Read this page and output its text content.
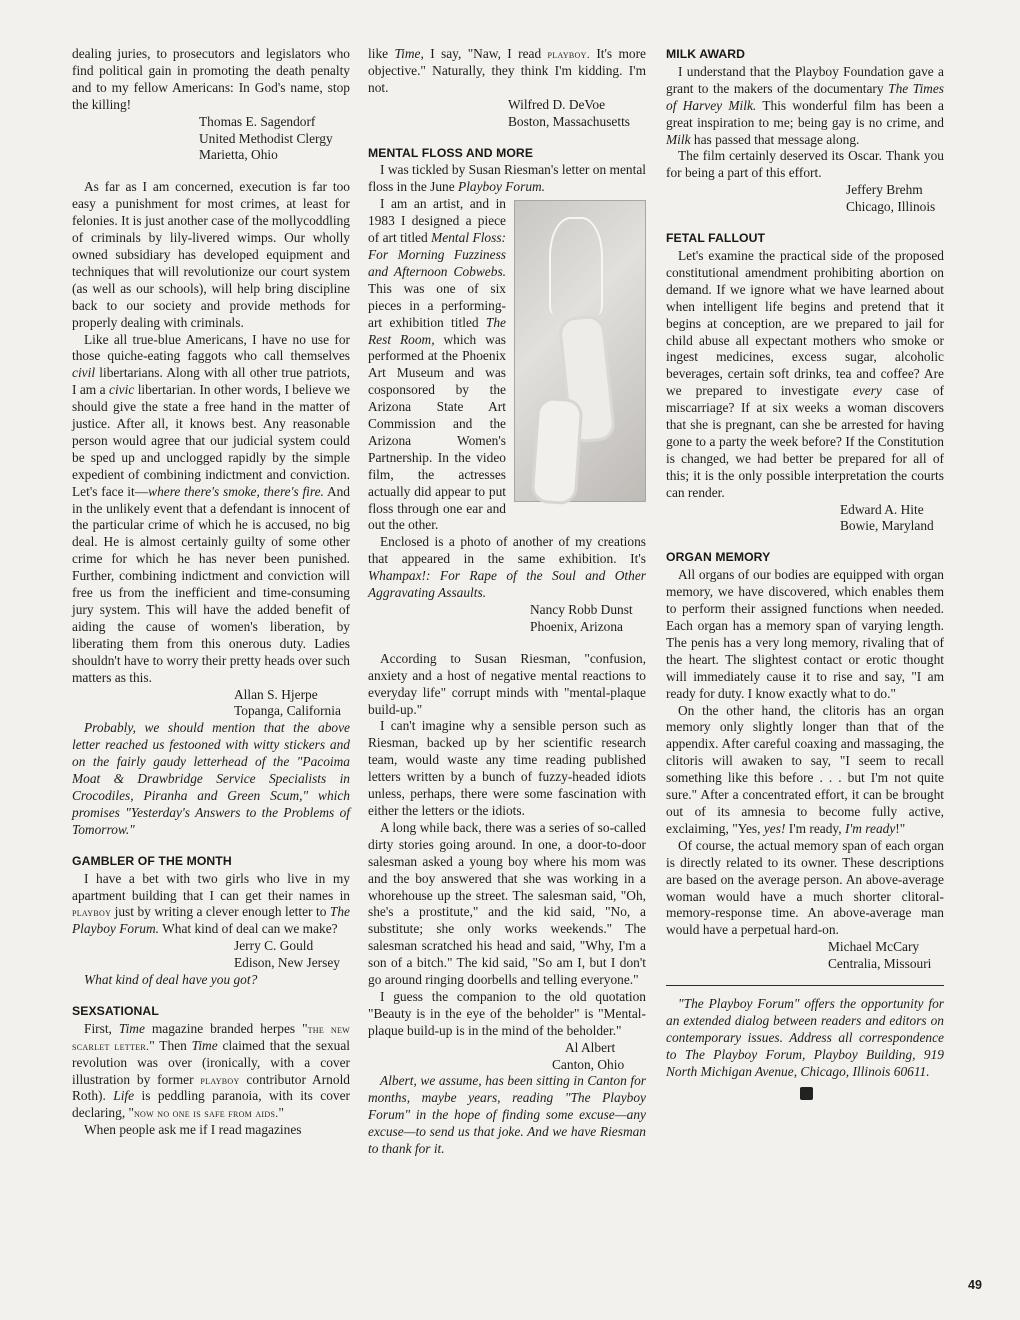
dealing juries, to prosecutors and legislators who find political gain in promoting the death penalty and to my fellow Americans: In God's name, stop the killing!

Thomas E. Sagendorf

United Methodist Clergy

Marietta, Ohio

As far as I am concerned, execution is far too easy a punishment for most crimes, at least for felonies. It is just another case of the mollycoddling of criminals by lily-livered wimps. Our wholly owned subsidiary has developed equipment and techniques that will revolutionize our court system (as well as our schools), will help bring discipline back to our society and provide methods for properly dealing with criminals.

Like all true-blue Americans, I have no use for those quiche-eating faggots who call themselves civil libertarians. Along with all other true patriots, I am a civic libertarian. In other words, I believe we should give the state a free hand in the matter of justice. After all, it knows best. Any reasonable person would agree that our judicial system could be sped up and unclogged rapidly by the simple expedient of combining indictment and conviction. Let's face it—where there's smoke, there's fire. And in the unlikely event that a defendant is innocent of the particular crime of which he is accused, no big deal. He is almost certainly guilty of some other crime for which he has never been punished. Further, combining indictment and conviction will free us from the inefficient and time-consuming jury system. This will have the added benefit of aiding the cause of women's liberation, by liberating them from this onerous duty. Ladies shouldn't have to worry their pretty heads over such matters as this.

Allan S. Hjerpe

Topanga, California

Probably, we should mention that the above letter reached us festooned with witty stickers and on the fairly gaudy letterhead of the "Pacoima Moat & Drawbridge Service Specialists in Crocodiles, Piranha and Green Scum," which promises "Yesterday's Answers to the Problems of Tomorrow."

GAMBLER OF THE MONTH

I have a bet with two girls who live in my apartment building that I can get their names in playboy just by writing a clever enough letter to The Playboy Forum. What kind of deal can we make?

Jerry C. Gould

Edison, New Jersey

What kind of deal have you got?

SEXSATIONAL

First, Time magazine branded herpes "the new scarlet letter." Then Time claimed that the sexual revolution was over (ironically, with a cover illustration by former playboy contributor Arnold Roth). Life is peddling paranoia, with its cover declaring, "now no one is safe from aids."

When people ask me if I read magazines

like Time, I say, "Naw, I read playboy. It's more objective." Naturally, they think I'm kidding. I'm not.

Wilfred D. DeVoe

Boston, Massachusetts

MENTAL FLOSS AND MORE

I was tickled by Susan Riesman's letter on mental floss in the June Playboy Forum.

I am an artist, and in 1983 I designed a piece of art titled Mental Floss: For Morning Fuzziness and Afternoon Cobwebs. This was one of six pieces in a performing-art exhibition titled The Rest Room, which was performed at the Phoenix Art Museum and was cosponsored by the Arizona State Art Commission and the Arizona Women's Partnership. In the video film, the actresses actually did appear to put floss through one ear and out the other.

Enclosed is a photo of another of my creations that appeared in the same exhibition. It's Whampax!: For Rape of the Soul and Other Aggravating Assaults.

Nancy Robb Dunst

Phoenix, Arizona

According to Susan Riesman, "confusion, anxiety and a host of negative mental reactions to everyday life" corrupt minds with "mental-plaque build-up."

I can't imagine why a sensible person such as Riesman, backed up by her scientific research team, would waste any time reading published letters written by a bunch of fuzzy-headed idiots unless, perhaps, there were some fascination with either the letters or the idiots.

A long while back, there was a series of so-called dirty stories going around. In one, a door-to-door salesman asked a young boy where his mom was and the boy answered that she was working in a whorehouse up the street. The salesman said, "Oh, she's a prostitute," and the kid said, "No, a substitute; she only works weekends." The salesman scratched his head and said, "Why, I'm a son of a bitch." The kid said, "So am I, but I don't go around ringing doorbells and telling everyone."

I guess the companion to the old quotation "Beauty is in the eye of the beholder" is "Mental-plaque build-up is in the mind of the beholder."

Al Albert

Canton, Ohio

Albert, we assume, has been sitting in Canton for months, maybe years, reading "The Playboy Forum" in the hope of finding some excuse—any excuse—to send us that joke. And we have Riesman to thank for it.

MILK AWARD

I understand that the Playboy Foundation gave a grant to the makers of the documentary The Times of Harvey Milk. This wonderful film has been a great inspiration to me; being gay is no crime, and Milk has passed that message along.

The film certainly deserved its Oscar. Thank you for being a part of this effort.

Jeffery Brehm

Chicago, Illinois

FETAL FALLOUT

Let's examine the practical side of the proposed constitutional amendment prohibiting abortion on demand. If we ignore what we have learned about when intelligent life begins and pretend that it begins at conception, are we prepared to jail for child abuse all expectant mothers who smoke or ingest medicines, excess sugar, alcoholic beverages, certain soft drinks, tea and coffee? Are we prepared to investigate every case of miscarriage? If at six weeks a woman discovers that she is pregnant, can she be arrested for having gone to a party the week before? If the Constitution is changed, we had better be prepared for all of this; it is the only possible interpretation the courts can render.

Edward A. Hite

Bowie, Maryland

ORGAN MEMORY

All organs of our bodies are equipped with organ memory, we have discovered, which enables them to perform their assigned functions when needed. Each organ has a memory span of varying length. The penis has a very long memory, rivaling that of the heart. The slightest contact or erotic thought will immediately cause it to rise and say, "I am ready for duty. I know exactly what to do."

On the other hand, the clitoris has an organ memory only slightly longer than that of the appendix. After careful coaxing and massaging, the clitoris will awaken to say, "I seem to recall something like this before . . . but I'm not quite sure." After a concentrated effort, it can be brought out of its amnesia to become fully active, exclaiming, "Yes, yes! I'm ready, I'm ready!"

Of course, the actual memory span of each organ is directly related to its owner. These descriptions are based on the average person. An above-average woman would have a much shorter clitoral-memory-response time. An above-average man would have a perpetual hard-on.

Michael McCary

Centralia, Missouri

"The Playboy Forum" offers the opportunity for an extended dialog between readers and editors on contemporary issues. Address all correspondence to The Playboy Forum, Playboy Building, 919 North Michigan Avenue, Chicago, Illinois 60611.

49
